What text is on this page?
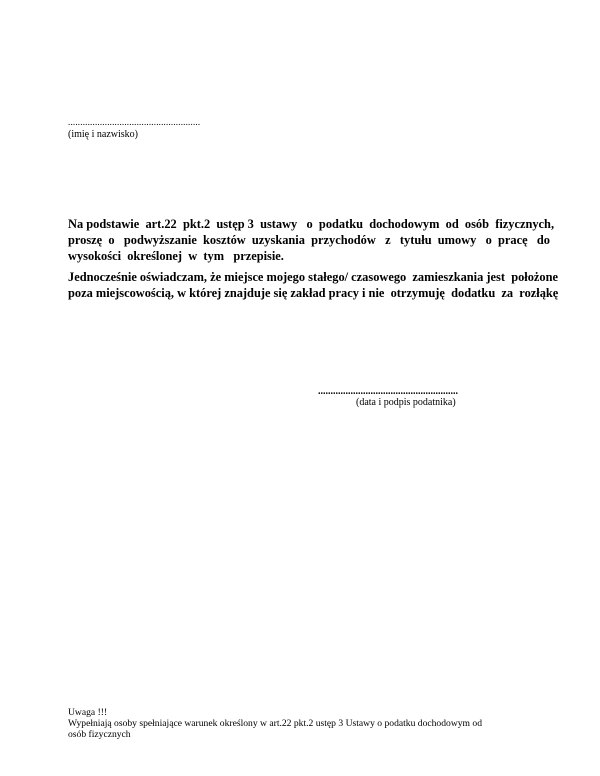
......................................................
(imię i nazwisko)
Na podstawie  art.22  pkt.2  ustęp 3  ustawy   o  podatku  dochodowym  od  osób  fizycznych,
proszę  o   podwyższanie  kosztów  uzyskania  przychodów   z   tytułu  umowy   o  pracę   do
wysokości  określonej  w  tym   przepisie.
Jednocześnie oświadczam, że miejsce mojego stałego/ czasowego  zamieszkania jest  położone
poza miejscowością, w której znajduje się zakład pracy i nie  otrzymuję  dodatku  za  rozłąkę
........................................................
(data i podpis podatnika)
Uwaga !!!
Wypełniają osoby spełniające warunek określony w art.22 pkt.2 ustęp 3 Ustawy o podatku dochodowym od
osób fizycznych
